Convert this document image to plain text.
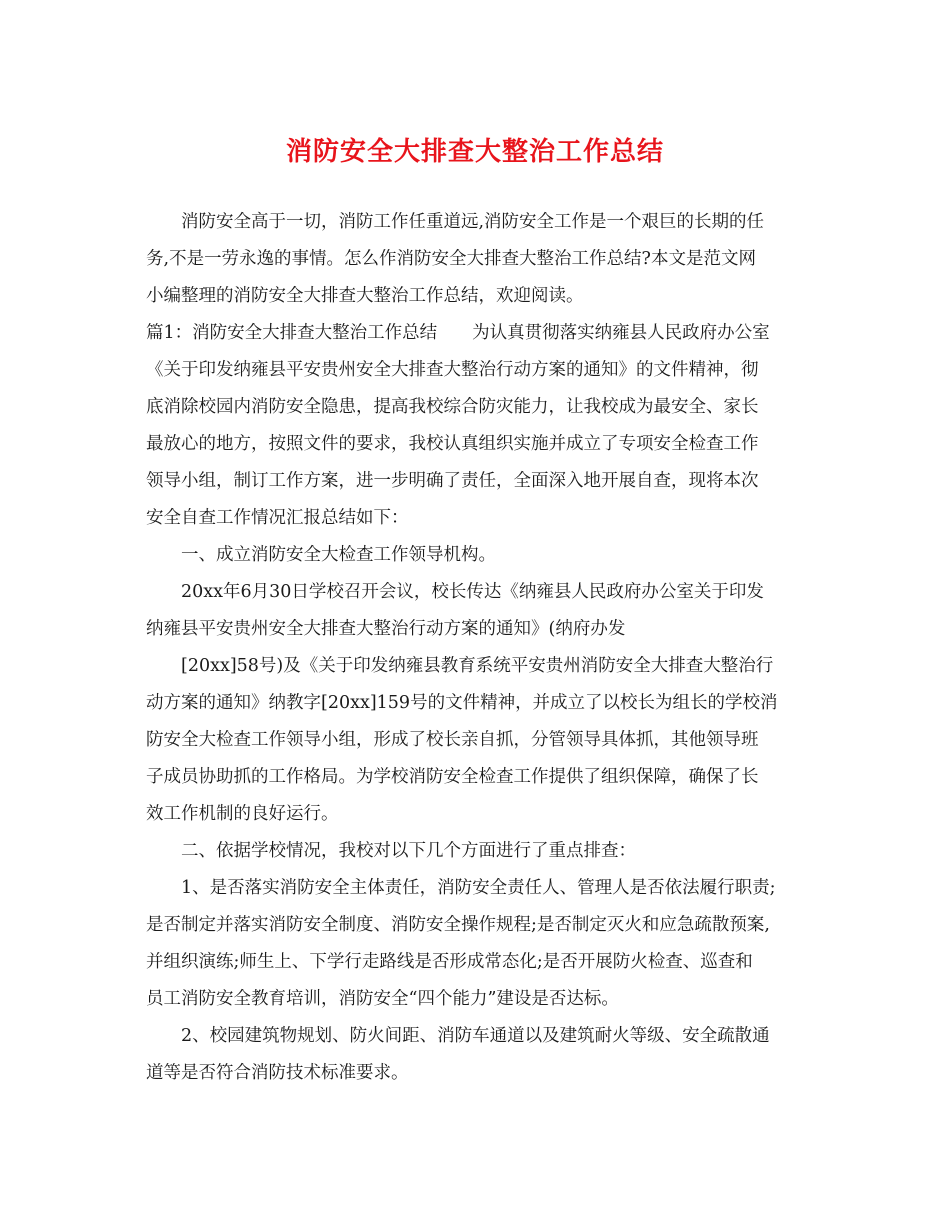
消防安全大排查大整治工作总结
消防安全高于一切，消防工作任重道远,消防安全工作是一个艰巨的长期的任
务,不是一劳永逸的事情。怎么作消防安全大排查大整治工作总结?本文是范文网
小编整理的消防安全大排查大整治工作总结，欢迎阅读。
篇1：消防安全大排查大整治工作总结　　为认真贯彻落实纳雍县人民政府办公室
《关于印发纳雍县平安贵州安全大排查大整治行动方案的通知》的文件精神，彻
底消除校园内消防安全隐患，提高我校综合防灾能力，让我校成为最安全、家长
最放心的地方，按照文件的要求，我校认真组织实施并成立了专项安全检查工作
领导小组，制订工作方案，进一步明确了责任，全面深入地开展自查，现将本次
安全自查工作情况汇报总结如下：
一、成立消防安全大检查工作领导机构。
20xx年6月30日学校召开会议，校长传达《纳雍县人民政府办公室关于印发
纳雍县平安贵州安全大排查大整治行动方案的通知》(纳府办发
[20xx]58号)及《关于印发纳雍县教育系统平安贵州消防安全大排查大整治行
动方案的通知》纳教字[20xx]159号的文件精神，并成立了以校长为组长的学校消
防安全大检查工作领导小组，形成了校长亲自抓，分管领导具体抓，其他领导班
子成员协助抓的工作格局。为学校消防安全检查工作提供了组织保障，确保了长
效工作机制的良好运行。
二、依据学校情况，我校对以下几个方面进行了重点排查：
1、是否落实消防安全主体责任，消防安全责任人、管理人是否依法履行职责;
是否制定并落实消防安全制度、消防安全操作规程;是否制定灭火和应急疏散预案,
并组织演练;师生上、下学行走路线是否形成常态化;是否开展防火检查、巡查和
员工消防安全教育培训，消防安全“四个能力”建设是否达标。
2、校园建筑物规划、防火间距、消防车通道以及建筑耐火等级、安全疏散通
道等是否符合消防技术标准要求。
